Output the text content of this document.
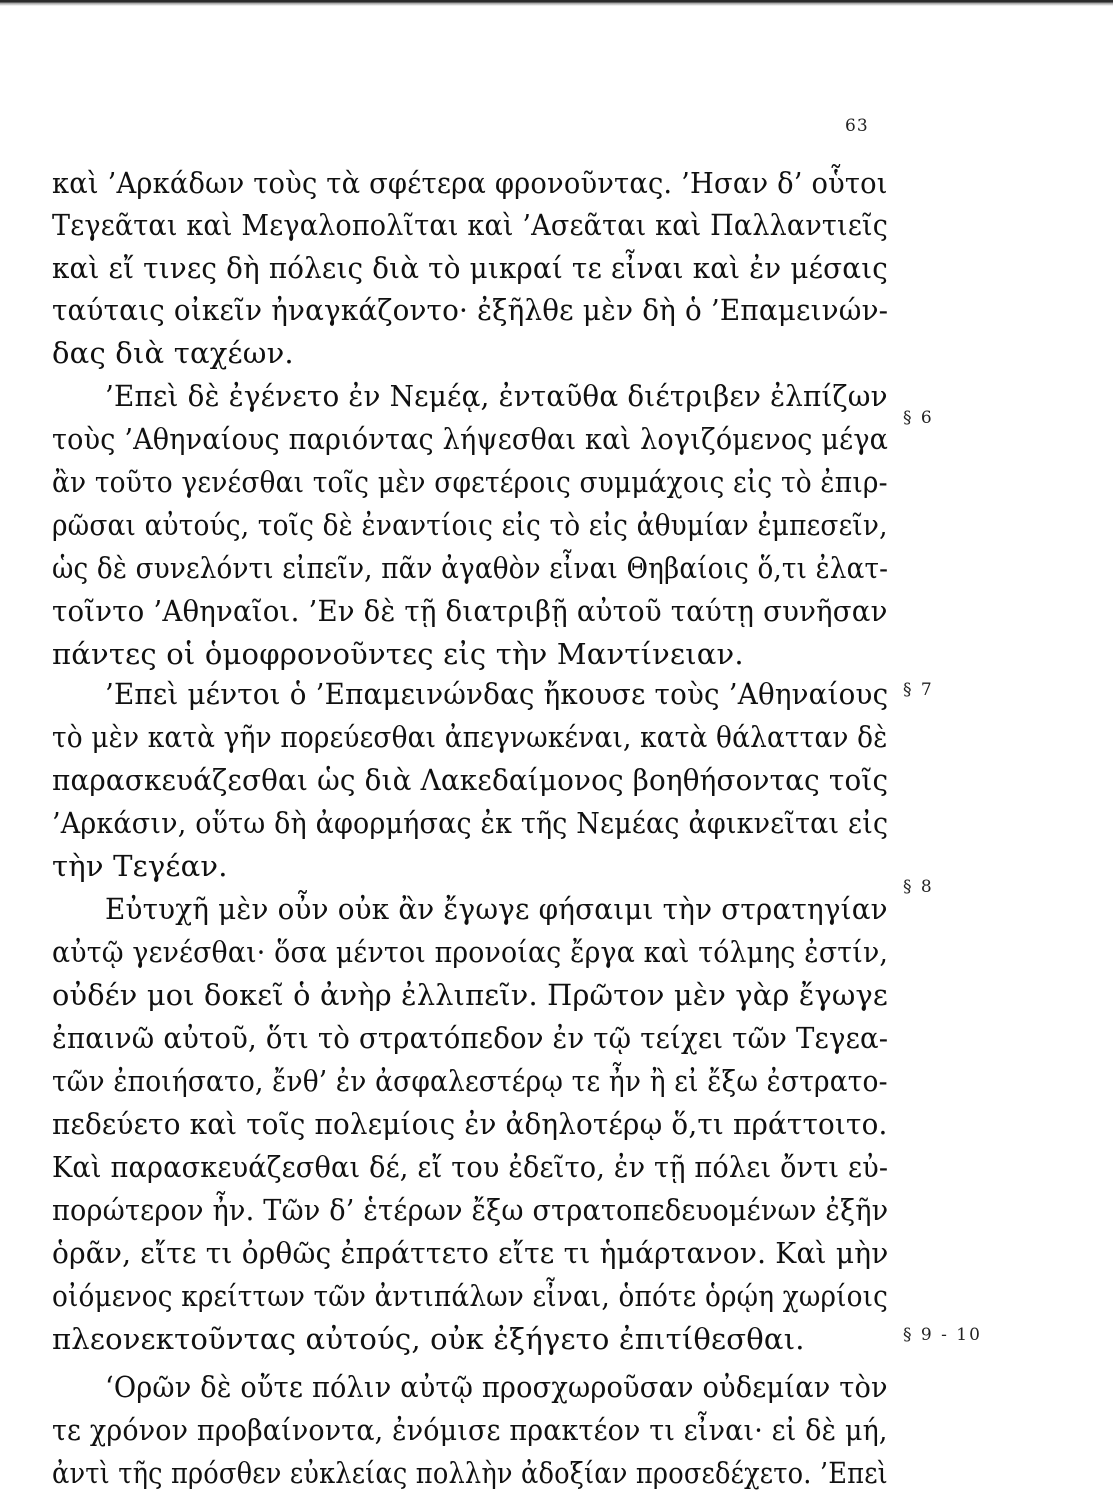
63
καὶ ’Αρκάδων τοὺς τὰ σφέτερα φρονοῦντας. ’Ησαν δ’ οὗτοι
Τεγεᾶται καὶ Μεγαλοπολῖται καὶ ’Ασεᾶται καὶ Παλλαντιεῖς
καὶ εἴ τινες δὴ πόλεις διὰ τὸ μικραί τε εἶναι καὶ ἐν μέσαις
ταύταις οἰκεῖν ἠναγκάζοντο· ἐξῆλθε μὲν δὴ ὁ ’Επαμεινών-
δας διὰ ταχέων.
’Επεὶ δὲ ἐγένετο ἐν Νεμέᾳ, ἐνταῦθα διέτριβεν ἐλπίζων
τοὺς ’Αθηναίους παριόντας λήψεσθαι καὶ λογιζόμενος μέγα
ἂν τοῦτο γενέσθαι τοῖς μὲν σφετέροις συμμάχοις εἰς τὸ ἐπιρ-
ρῶσαι αὐτούς, τοῖς δὲ ἐναντίοις εἰς τὸ εἰς ἀθυμίαν ἐμπεσεῖν,
ὡς δὲ συνελόντι εἰπεῖν, πᾶν ἀγαθὸν εἶναι Θηβαίοις ὅ,τι ἐλατ-
τοῖντο ’Αθηναῖοι. ’Εν δὲ τῇ διατριβῇ αὐτοῦ ταύτῃ συνῆσαν
πάντες οἱ ὁμοφρονοῦντες εἰς τὴν Μαντίνειαν.
’Επεὶ μέντοι ὁ ’Επαμεινώνδας ἤκουσε τοὺς ’Αθηναίους
τὸ μὲν κατὰ γῆν πορεύεσθαι ἀπεγνωκέναι, κατὰ θάλατταν δὲ
παρασκευάζεσθαι ὡς διὰ Λακεδαίμονος βοηθήσοντας τοῖς
’Αρκάσιν, οὕτω δὴ ἀφορμήσας ἐκ τῆς Νεμέας ἀφικνεῖται εἰς
τὴν Τεγέαν.
Εὐτυχῆ μὲν οὖν οὐκ ἂν ἔγωγε φήσαιμι τὴν στρατηγίαν
αὐτῷ γενέσθαι· ὅσα μέντοι προνοίας ἔργα καὶ τόλμης ἐστίν,
οὐδέν μοι δοκεῖ ὁ ἀνὴρ ἐλλιπεῖν. Πρῶτον μὲν γὰρ ἔγωγε
ἐπαινῶ αὐτοῦ, ὅτι τὸ στρατόπεδον ἐν τῷ τείχει τῶν Τεγεα-
τῶν ἐποιήσατο, ἔνθ’ ἐν ἀσφαλεστέρῳ τε ἦν ἢ εἰ ἔξω ἐστρατο-
πεδεύετο καὶ τοῖς πολεμίοις ἐν ἀδηλοτέρῳ ὅ,τι πράττοιτο.
Καὶ παρασκευάζεσθαι δέ, εἴ του ἐδεῖτο, ἐν τῇ πόλει ὄντι εὐ-
πορώτερον ἦν. Τῶν δ’ ἑτέρων ἔξω στρατοπεδευομένων ἐξῆν
ὁρᾶν, εἴτε τι ὀρθῶς ἐπράττετο εἴτε τι ἡμάρτανον. Καὶ μὴν
οἰόμενος κρείττων τῶν ἀντιπάλων εἶναι, ὁπότε ὁρῴη χωρίοις
πλεονεκτοῦντας αὐτούς, οὐκ ἐξήγετο ἐπιτίθεσθαι.
‘Ορῶν δὲ οὔτε πόλιν αὐτῷ προσχωροῦσαν οὐδεμίαν τὸν
τε χρόνον προβαίνοντα, ἐνόμισε πρακτέον τι εἶναι· εἰ δὲ μή,
ἀντὶ τῆς πρόσθεν εὐκλείας πολλὴν ἀδοξίαν προσεδέχετο. ’Επεὶ
§ 6
§ 7
§ 8
§ 9 - 10
